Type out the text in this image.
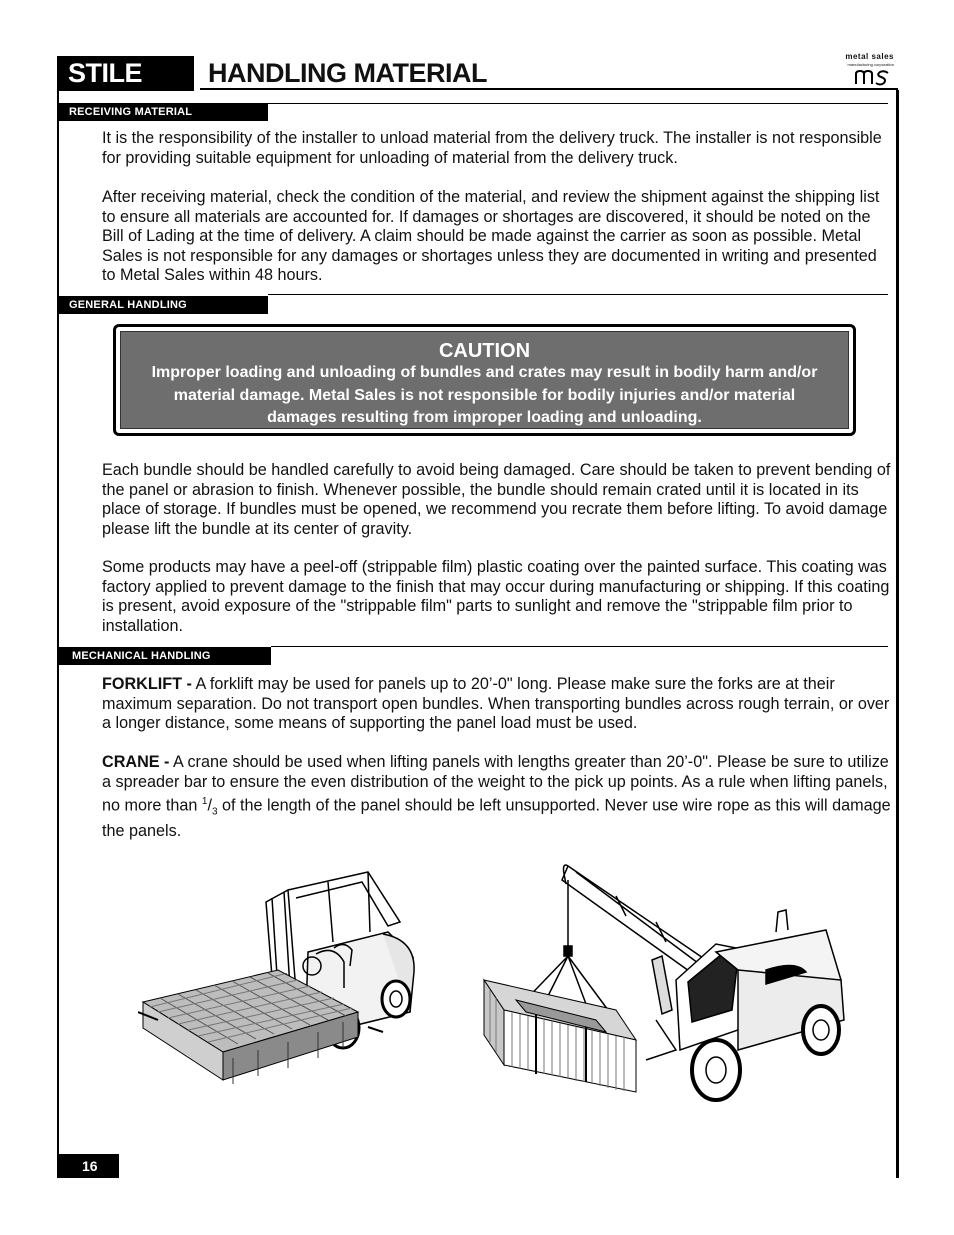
STILE	HANDLING MATERIAL
metal sales
manufacturing corporation
RECEIVING MATERIAL

It is the responsibility of the installer to unload material from the delivery truck. The installer is not responsible for providing suitable equipment for unloading of material from the delivery truck.

After receiving material, check the condition of the material, and review the shipment against the shipping list to ensure all materials are accounted for. If damages or shortages are discovered, it should be noted on the Bill of Lading at the time of delivery. A claim should be made against the carrier as soon as possible. Metal Sales is not responsible for any damages or shortages unless they are documented in writing and presented to Metal Sales within 48 hours.

GENERAL HANDLING
CAUTION
Improper loading and unloading of bundles and crates may result in bodily harm and/or material damage. Metal Sales is not responsible for bodily injuries and/or material damages resulting from improper loading and unloading.

Each bundle should be handled carefully to avoid being damaged. Care should be taken to prevent bending of the panel or abrasion to finish. Whenever possible, the bundle should remain crated until it is located in its place of storage. If bundles must be opened, we recommend you recrate them before lifting. To avoid damage please lift the bundle at its center of gravity.

Some products may have a peel-off (strippable film) plastic coating over the painted surface. This coating was factory applied to prevent damage to the finish that may occur during manufacturing or shipping. If this coating is present, avoid exposure of the "strippable film" parts to sunlight and remove the "strippable film prior to installation.

MECHANICAL HANDLING

FORKLIFT - A forklift may be used for panels up to 20’-0" long. Please make sure the forks are at their maximum separation. Do not transport open bundles. When transporting bundles across rough terrain, or over a longer distance, some means of supporting the panel load must be used.

CRANE - A crane should be used when lifting panels with lengths greater than 20’-0". Please be sure to utilize a spreader bar to ensure the even distribution of the weight to the pick up points. As a rule when lifting panels, no more than $^1/_3$ of the length of the panel should be left unsupported. Never use wire rope as this will damage the panels.

16
